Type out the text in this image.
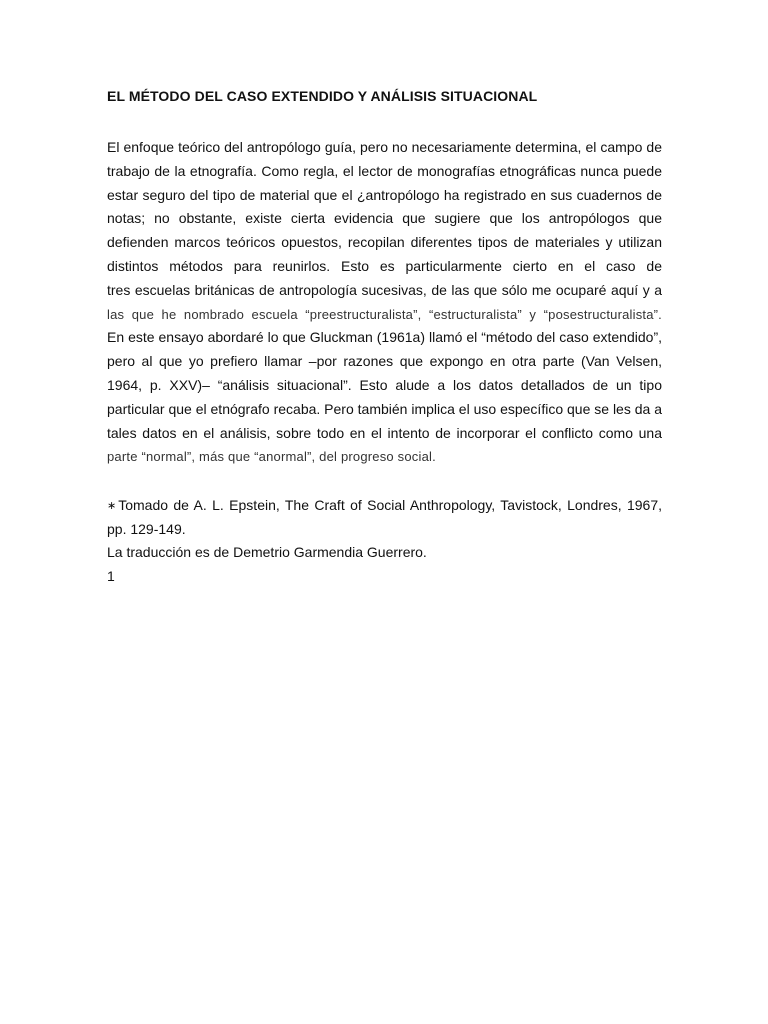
EL MÉTODO DEL CASO EXTENDIDO Y ANÁLISIS SITUACIONAL
El enfoque teórico del antropólogo guía, pero no necesariamente determina, el campo de
trabajo de la etnografía. Como regla, el lector de monografías etnográficas nunca puede
estar seguro del tipo de material que el ¿antropólogo ha registrado en sus cuadernos de
notas; no obstante, existe cierta evidencia que sugiere que los antropólogos que
defienden marcos teóricos opuestos, recopilan diferentes tipos de materiales y utilizan
distintos métodos para reunirlos. Esto es particularmente cierto en el caso de
tres escuelas británicas de antropología sucesivas, de las que sólo me ocuparé aquí y a
las que he nombrado escuela “preestructuralista”, “estructuralista” y “posestructuralista”.
En este ensayo abordaré lo que Gluckman (1961a) llamó el “método del caso extendido”,
pero al que yo prefiero llamar –por razones que expongo en otra parte (Van Velsen,
1964, p. XXV)– “análisis situacional”. Esto alude a los datos detallados de un tipo
particular que el etnógrafo recaba. Pero también implica el uso específico que se les da a
tales datos en el análisis, sobre todo en el intento de incorporar el conflicto como una
parte “normal”, más que “anormal”, del progreso social.
∗ Tomado de A. L. Epstein, The Craft of Social Anthropology, Tavistock, Londres, 1967,
pp. 129-149.
La traducción es de Demetrio Garmendia Guerrero.
1
